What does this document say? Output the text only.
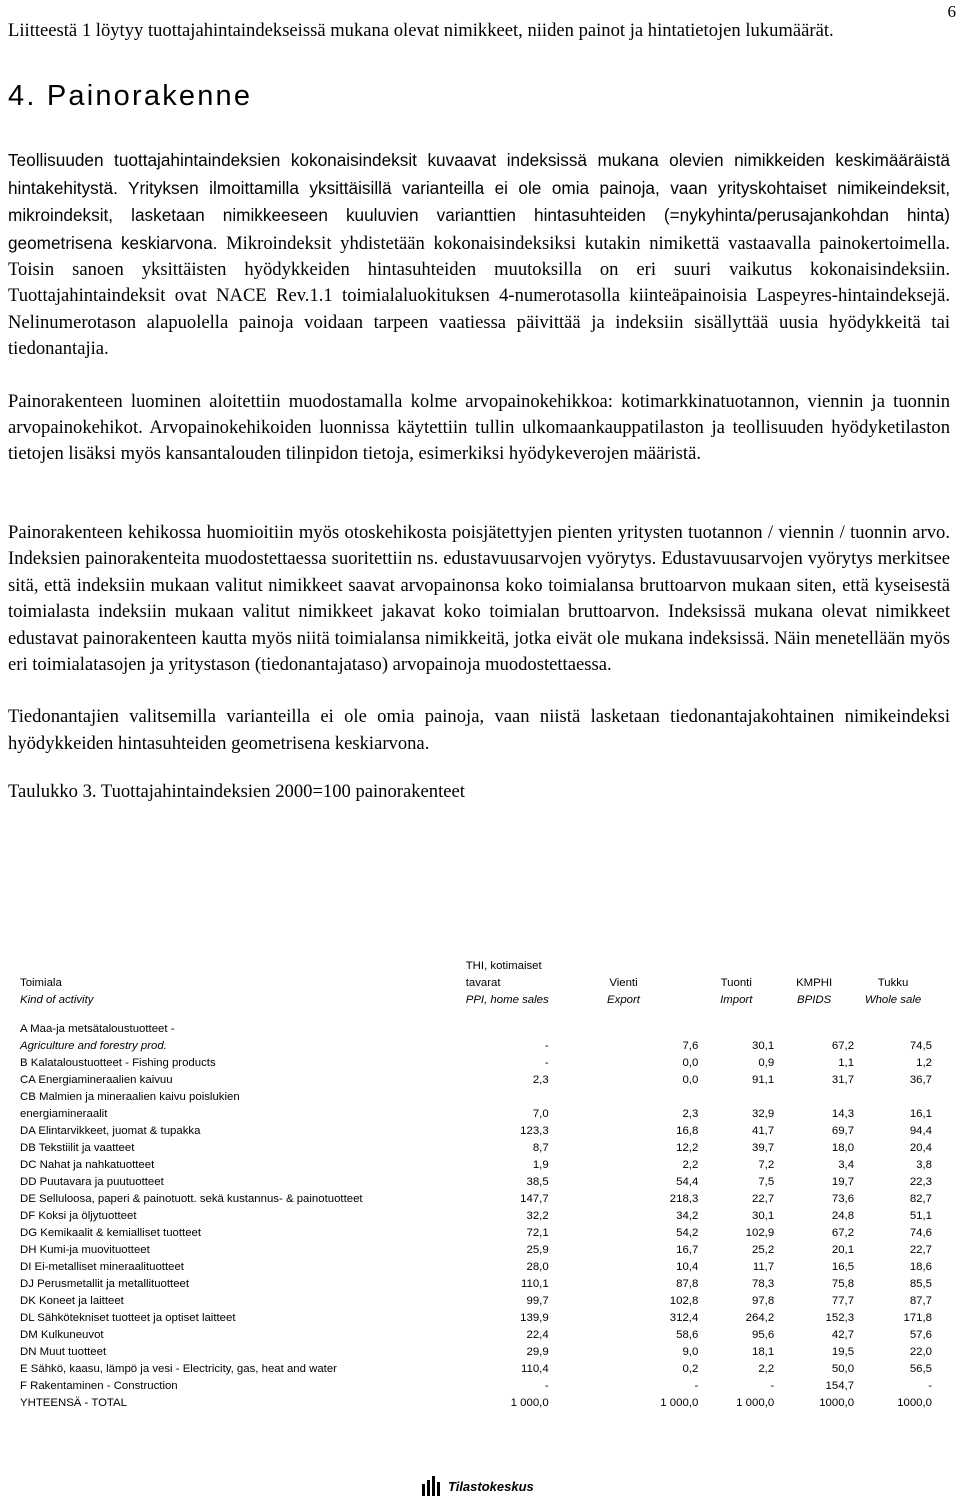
6

Liitteestä 1 löytyy tuottajahintaindekseissä mukana olevat nimikkeet, niiden painot ja hintatietojen lukumäärät.

4. Painorakenne

Teollisuuden tuottajahintaindeksien kokonaisindeksit kuvaavat indeksissä mukana olevien nimikkeiden keskimääräistä hintakehitystä. Yrityksen ilmoittamilla yksittäisillä varianteilla ei ole omia painoja, vaan yrityskohtaiset nimikeindeksit, mikroindeksit, lasketaan nimikkeeseen kuuluvien varianttien hintasuhteiden (=nykyhinta/perusajankohdan hinta) geometrisena keskiarvona. Mikroindeksit yhdistetään kokonaisindeksiksi kutakin nimikettä vastaavalla painokertoimella. Toisin sanoen yksittäisten hyödykkeiden hintasuhteiden muutoksilla on eri suuri vaikutus kokonaisindeksiin. Tuottajahintaindeksit ovat NACE Rev.1.1 toimialaluokituksen 4-numerotasolla kiinteäpainoisia Laspeyres-hintaindeksejä. Nelinumerotason alapuolella painoja voidaan tarpeen vaatiessa päivittää ja indeksiin sisällyttää uusia hyödykkeitä tai tiedonantajia.

Painorakenteen luominen aloitettiin muodostamalla kolme arvopainokehikkoa: kotimarkkinatuotannon, viennin ja tuonnin arvopainokehikot. Arvopainokehikoiden luonnissa käytettiin tullin ulkomaankauppatilaston ja teollisuuden hyödyketilaston tietojen lisäksi myös kansantalouden tilinpidon tietoja, esimerkiksi hyödykeverojen määristä.

Painorakenteen kehikossa huomioitiin myös otoskehikosta poisjätettyjen pienten yritysten tuotannon / viennin / tuonnin arvo. Indeksien painorakenteita muodostettaessa suoritettiin ns. edustavuusarvojen vyörytys. Edustavuusarvojen vyörytys merkitsee sitä, että indeksiin mukaan valitut nimikkeet saavat arvopainonsa koko toimialansa bruttoarvon mukaan siten, että kyseisestä toimialasta indeksiin mukaan valitut nimikkeet jakavat koko toimialan bruttoarvon. Indeksissä mukana olevat nimikkeet edustavat painorakenteen kautta myös niitä toimialansa nimikkeitä, jotka eivät ole mukana indeksissä. Näin menetellään myös eri toimialatasojen ja yritystason (tiedonantajataso) arvopainoja muodostettaessa.

Tiedonantajien valitsemilla varianteilla ei ole omia painoja, vaan niistä lasketaan tiedonantajakohtainen nimikeindeksi hyödykkeiden hintasuhteiden geometrisena keskiarvona.

Taulukko 3. Tuottajahintaindeksien 2000=100 painorakenteet

	THI, kotimaiset				
Toimiala	tavarat	Vienti	Tuonti	KMPHI	Tukku
Kind of activity	PPI, home sales	Export	Import	BPIDS	Whole sale

A Maa-ja metsätaloustuotteet -					
Agriculture and forestry prod.	-	7,6	30,1	67,2	74,5
B Kalataloustuotteet - Fishing products	-	0,0	0,9	1,1	1,2
CA Energiamineraalien kaivuu	2,3	0,0	91,1	31,7	36,7
CB Malmien ja mineraalien kaivu poislukien					
energiamineraalit	7,0	2,3	32,9	14,3	16,1
DA Elintarvikkeet, juomat & tupakka	123,3	16,8	41,7	69,7	94,4
DB Tekstiilit ja vaatteet	8,7	12,2	39,7	18,0	20,4
DC Nahat ja nahkatuotteet	1,9	2,2	7,2	3,4	3,8
DD Puutavara ja puutuotteet	38,5	54,4	7,5	19,7	22,3
DE Selluloosa, paperi & painotuott. sekä kustannus- & painotuotteet	147,7	218,3	22,7	73,6	82,7
DF Koksi ja öljytuotteet	32,2	34,2	30,1	24,8	51,1
DG Kemikaalit & kemialliset tuotteet	72,1	54,2	102,9	67,2	74,6
DH Kumi-ja muovituotteet	25,9	16,7	25,2	20,1	22,7
DI Ei-metalliset mineraalituotteet	28,0	10,4	11,7	16,5	18,6
DJ Perusmetallit ja metallituotteet	110,1	87,8	78,3	75,8	85,5
DK Koneet ja laitteet	99,7	102,8	97,8	77,7	87,7
DL Sähkötekniset tuotteet ja optiset laitteet	139,9	312,4	264,2	152,3	171,8
DM Kulkuneuvot	22,4	58,6	95,6	42,7	57,6
DN Muut tuotteet	29,9	9,0	18,1	19,5	22,0
E Sähkö, kaasu, lämpö ja vesi - Electricity, gas, heat and water	110,4	0,2	2,2	50,0	56,5
F Rakentaminen - Construction	-	-	-	154,7	-
YHTEENSÄ - TOTAL	1 000,0	1 000,0	1 000,0	1000,0	1000,0
Tilastokeskus
